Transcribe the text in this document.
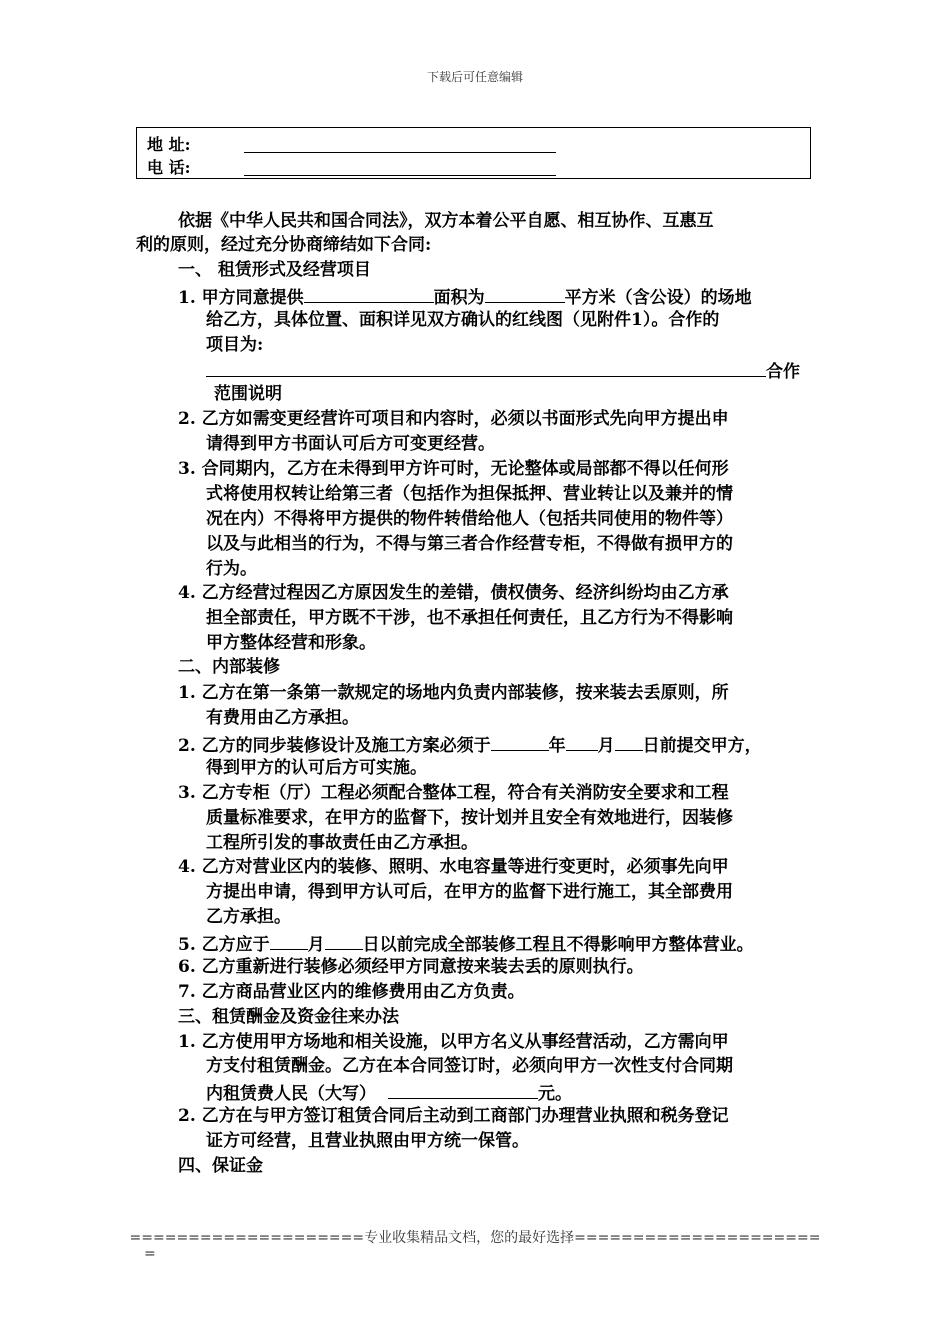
下载后可任意编辑
地 址:
电 话:
依据《中华人民共和国合同法》，双方本着公平自愿、相互协作、互惠互
利的原则，经过充分协商缔结如下合同:
一、 租赁形式及经营项目
1. 甲方同意提供	面积为	平方米（含公设）的场地
给乙方，具体位置、面积详见双方确认的红线图（见附件1）。合作的
项目为:
合作
范围说明
2. 乙方如需变更经营许可项目和内容时，必须以书面形式先向甲方提出申
请得到甲方书面认可后方可变更经营。
3. 合同期内，乙方在未得到甲方许可时，无论整体或局部都不得以任何形
式将使用权转让给第三者（包括作为担保抵押、营业转让以及兼并的情
况在内）不得将甲方提供的物件转借给他人（包括共同使用的物件等）
以及与此相当的行为，不得与第三者合作经营专柜，不得做有损甲方的
行为。
4. 乙方经营过程因乙方原因发生的差错，债权债务、经济纠纷均由乙方承
担全部责任，甲方既不干涉，也不承担任何责任，且乙方行为不得影响
甲方整体经营和形象。
二、内部装修
1. 乙方在第一条第一款规定的场地内负责内部装修，按来装去丢原则，所
有费用由乙方承担。
2. 乙方的同步装修设计及施工方案必须于	年 月 日前提交甲方，
得到甲方的认可后方可实施。
3. 乙方专柜（厅）工程必须配合整体工程，符合有关消防安全要求和工程
质量标准要求，在甲方的监督下，按计划并且安全有效地进行，因装修
工程所引发的事故责任由乙方承担。
4. 乙方对营业区内的装修、照明、水电容量等进行变更时，必须事先向甲
方提出申请，得到甲方认可后，在甲方的监督下进行施工，其全部费用
乙方承担。
5. 乙方应于 月 日以前完成全部装修工程且不得影响甲方整体营业。
6. 乙方重新进行装修必须经甲方同意按来装去丢的原则执行。
7. 乙方商品营业区内的维修费用由乙方负责。
三、租赁酬金及资金往来办法
1. 乙方使用甲方场地和相关设施，以甲方名义从事经营活动，乙方需向甲
方支付租赁酬金。乙方在本合同签订时，必须向甲方一次性支付合同期
内租赁费人民（大写）	元。
2. 乙方在与甲方签订租赁合同后主动到工商部门办理营业执照和税务登记
证方可经营，且营业执照由甲方统一保管。
四、保证金
====================专业收集精品文档，您的最好选择=====================
=
